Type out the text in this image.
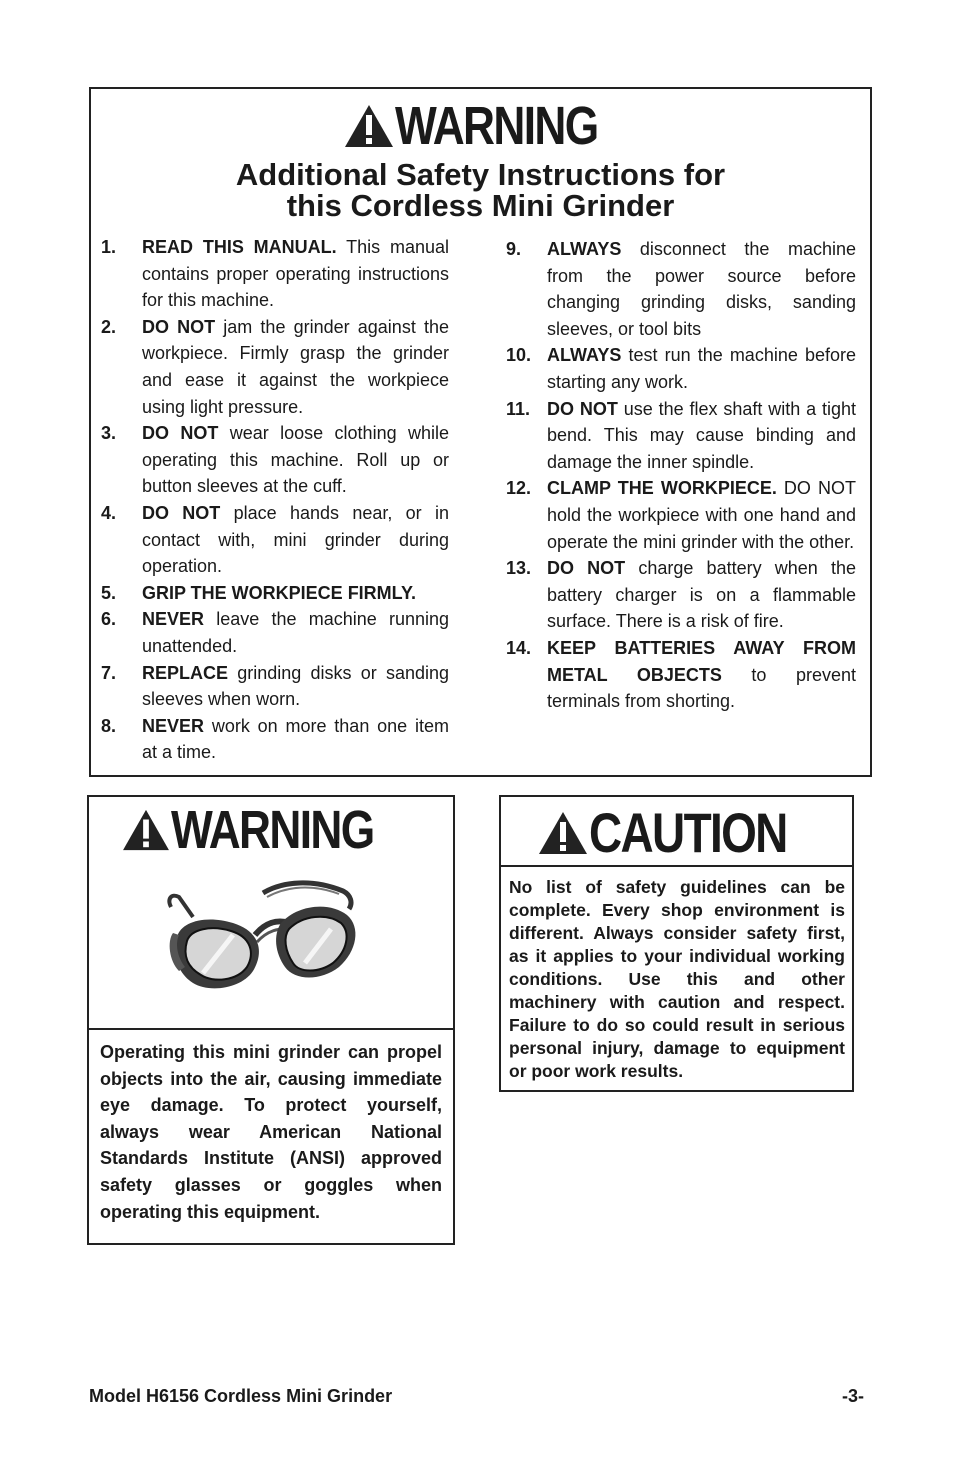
WARNING
Additional Safety Instructions for
this Cordless Mini Grinder
1.	READ THIS MANUAL. This manual contains proper operating instructions for this machine.
2.	DO NOT jam the grinder against the workpiece. Firmly grasp the grinder and ease it against the workpiece using light pressure.
3.	DO NOT wear loose clothing while operating this machine. Roll up or button sleeves at the cuff.
4.	DO NOT place hands near, or in contact with, mini grinder during operation.
5.	GRIP THE WORKPIECE FIRMLY.
6.	NEVER leave the machine running unattended.
7.	REPLACE grinding disks or sanding sleeves when worn.
8.	NEVER work on more than one item at a time.
9.	ALWAYS disconnect the machine from the power source before changing grinding disks, sanding sleeves, or tool bits
10. ALWAYS test run the machine before starting any work.
11. DO NOT use the flex shaft with a tight bend. This may cause binding and damage the inner spindle.
12. CLAMP THE WORKPIECE. DO NOT hold the workpiece with one hand and operate the mini grinder with the other.
13. DO NOT charge battery when the battery charger is on a flammable surface. There is a risk of fire.
14. KEEP BATTERIES AWAY FROM METAL OBJECTS to prevent terminals from shorting.
WARNING
Operating this mini grinder can propel objects into the air, causing immediate eye damage. To protect yourself, always wear American National Standards Institute (ANSI) approved safety glasses or goggles when operating this equipment.
CAUTION
No list of safety guidelines can be complete. Every shop environment is different. Always consider safety first, as it applies to your individual working conditions. Use this and other machinery with caution and respect. Failure to do so could result in serious personal injury, damage to equipment or poor work results.
Model H6156 Cordless Mini Grinder	-3-
